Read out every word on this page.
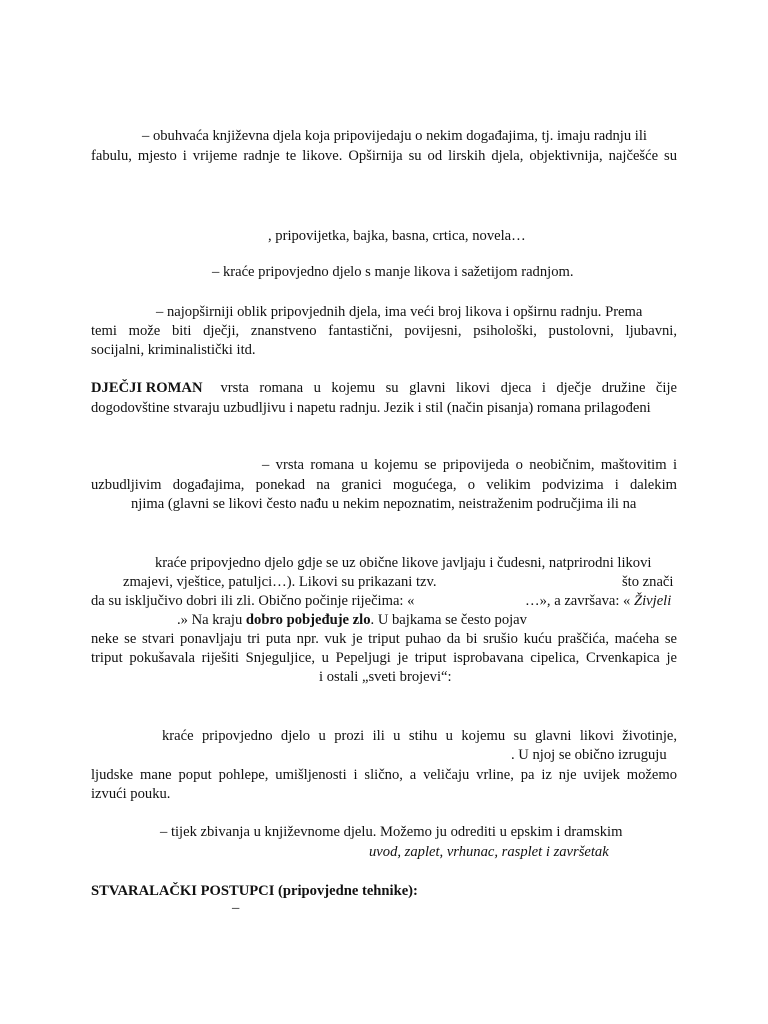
– obuhvaća književna djela koja pripovijedaju o nekim događajima, tj. imaju radnju ili
fabulu, mjesto i vrijeme radnje te likove. Opširnija su od lirskih djela, objektivnija, najčešće su
, pripovijetka, bajka, basna, crtica, novela…
– kraće pripovjedno djelo s manje likova i sažetijom radnjom.
– najopširniji oblik pripovjednih djela, ima veći broj likova i opširnu radnju. Prema
temi može biti dječji, znanstveno fantastični, povijesni, psihološki, pustolovni, ljubavni,
socijalni, kriminalistički itd.
DJEČJI ROMAN vrsta romana u kojemu su glavni likovi djeca i dječje družine čije
dogodovštine stvaraju uzbudljivu i napetu radnju. Jezik i stil (način pisanja) romana prilagođeni
– vrsta romana u kojemu se pripovijeda o neobičnim, maštovitim i
uzbudljivim događajima, ponekad na granici mogućega, o velikim podvizima i dalekim
njima (glavni se likovi često nađu u nekim nepoznatim, neistraženim područjima ili na
kraće pripovjedno djelo gdje se uz obične likove javljaju i čudesni, natprirodni likovi
zmajevi, vještice, patuljci…). Likovi su prikazani tzv.	što znači
da su isključivo dobri ili zli. Obično počinje riječima: «	…», a završava: « Živjeli
.» Na kraju dobro pobjeđuje zlo. U bajkama se često pojav
neke se stvari ponavljaju tri puta npr. vuk je triput puhao da bi srušio kuću praščića, maćeha se
triput pokušavala riješiti Snjeguljice, u Pepeljugi je triput isprobavana cipelica, Crvenkapica je
i ostali „sveti brojevi“:
kraće pripovjedno djelo u prozi ili u stihu u kojemu su glavni likovi životinje,
. U njoj se obično izruguju
ljudske mane poput pohlepe, umišljenosti i slično, a veličaju vrline, pa iz nje uvijek možemo
izvući pouku.
– tijek zbivanja u književnome djelu. Možemo ju odrediti u epskim i dramskim
uvod, zaplet, vrhunac, rasplet i završetak
STVARALAČKI POSTUPCI (pripovjedne tehnike):
–
